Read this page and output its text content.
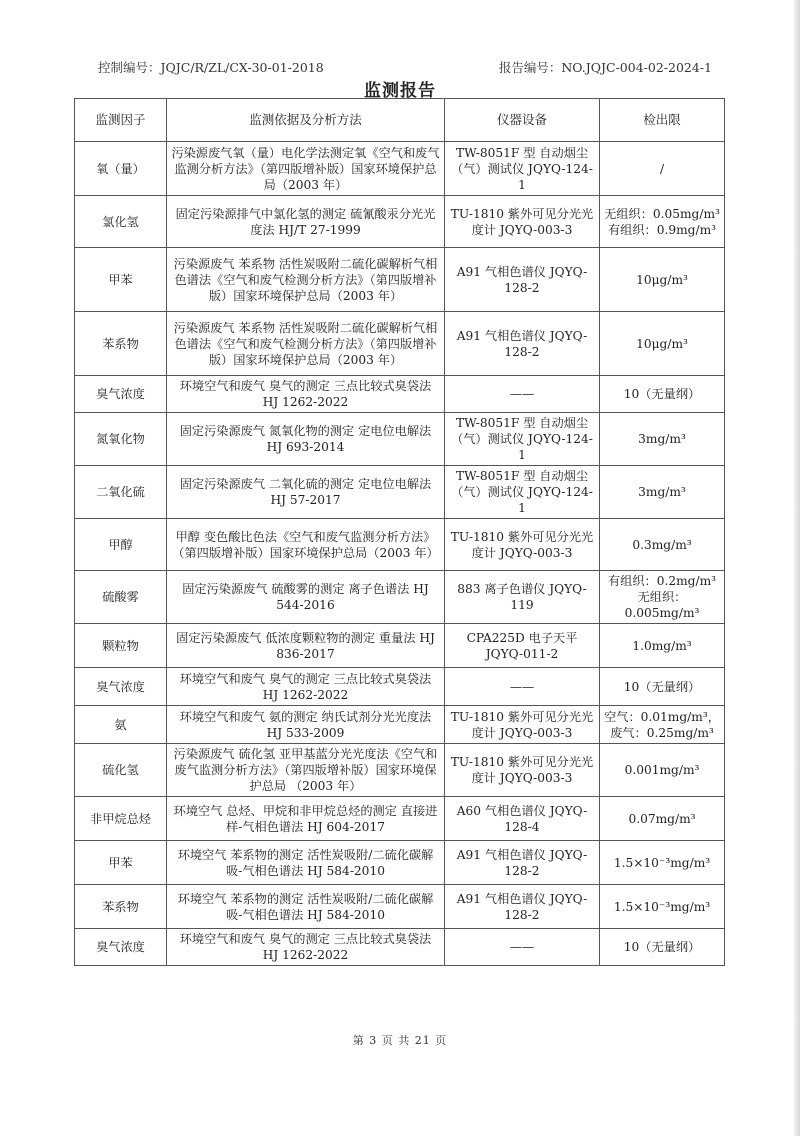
控制编号：JQJC/R/ZL/CX-30-01-2018	报告编号：NO.JQJC-004-02-2024-1
监测报告
监测因子	监测依据及分析方法	仪器设备	检出限
氧（量）	污染源废气氧（量）电化学法测定氧《空气和废气监测分析方法》（第四版增补版）国家环境保护总局（2003 年）	TW-8051F 型 自动烟尘（气）测试仪 JQYQ-124-1	/
氯化氢	固定污染源排气中氯化氢的测定 硫氰酸汞分光光度法 HJ/T 27-1999	TU-1810 紫外可见分光光度计 JQYQ-003-3	无组织：0.05mg/m³ 有组织：0.9mg/m³
甲苯	污染源废气 苯系物 活性炭吸附二硫化碳解析气相色谱法《空气和废气检测分析方法》（第四版增补版）国家环境保护总局（2003 年）	A91 气相色谱仪 JQYQ-128-2	10μg/m³
苯系物	污染源废气 苯系物 活性炭吸附二硫化碳解析气相色谱法《空气和废气检测分析方法》（第四版增补版）国家环境保护总局（2003 年）	A91 气相色谱仪 JQYQ-128-2	10μg/m³
臭气浓度	环境空气和废气 臭气的测定 三点比较式臭袋法 HJ 1262-2022	——	10（无量纲）
氮氧化物	固定污染源废气 氮氧化物的测定 定电位电解法 HJ 693-2014	TW-8051F 型 自动烟尘（气）测试仪 JQYQ-124-1	3mg/m³
二氧化硫	固定污染源废气 二氧化硫的测定 定电位电解法 HJ 57-2017	TW-8051F 型 自动烟尘（气）测试仪 JQYQ-124-1	3mg/m³
甲醇	甲醇 变色酸比色法《空气和废气监测分析方法》（第四版增补版）国家环境保护总局（2003 年）	TU-1810 紫外可见分光光度计 JQYQ-003-3	0.3mg/m³
硫酸雾	固定污染源废气 硫酸雾的测定 离子色谱法 HJ 544-2016	883 离子色谱仪 JQYQ-119	有组织：0.2mg/m³ 无组织：0.005mg/m³
颗粒物	固定污染源废气 低浓度颗粒物的测定 重量法 HJ 836-2017	CPA225D 电子天平 JQYQ-011-2	1.0mg/m³
臭气浓度	环境空气和废气 臭气的测定 三点比较式臭袋法 HJ 1262-2022	——	10（无量纲）
氨	环境空气和废气 氨的测定 纳氏试剂分光光度法 HJ 533-2009	TU-1810 紫外可见分光光度计 JQYQ-003-3	空气：0.01mg/m³，废气：0.25mg/m³
硫化氢	污染源废气 硫化氢 亚甲基蓝分光光度法《空气和废气监测分析方法》（第四版增补版）国家环境保护总局 （2003 年）	TU-1810 紫外可见分光光度计 JQYQ-003-3	0.001mg/m³
非甲烷总烃	环境空气 总烃、甲烷和非甲烷总烃的测定 直接进样-气相色谱法 HJ 604-2017	A60 气相色谱仪 JQYQ-128-4	0.07mg/m³
甲苯	环境空气 苯系物的测定 活性炭吸附/二硫化碳解吸-气相色谱法 HJ 584-2010	A91 气相色谱仪 JQYQ-128-2	1.5×10⁻³mg/m³
苯系物	环境空气 苯系物的测定 活性炭吸附/二硫化碳解吸-气相色谱法 HJ 584-2010	A91 气相色谱仪 JQYQ-128-2	1.5×10⁻³mg/m³
臭气浓度	环境空气和废气 臭气的测定 三点比较式臭袋法 HJ 1262-2022	——	10（无量纲）
第 3 页 共 21 页
